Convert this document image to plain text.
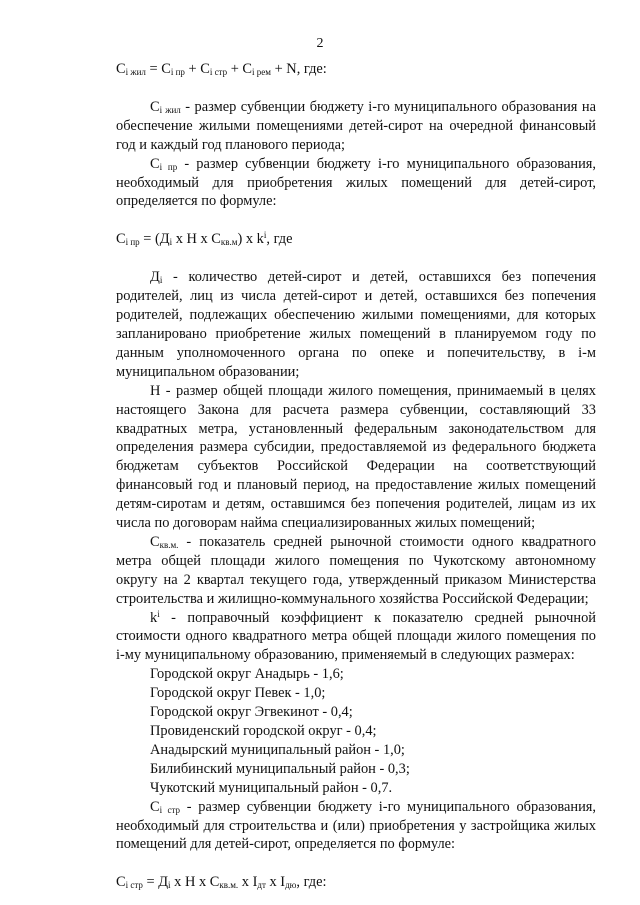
2

$С_{i жил} = С_{i пр} + С_{i стр} + С_{i рем} + N$, где:

$С_{i жил}$ - размер субвенции бюджету i-го муниципального образования на обеспечение жилыми помещениями детей-сирот на очередной финансовый год и каждый год планового периода;

$С_{i пр}$ - размер субвенции бюджету i-го муниципального образования, необходимый для приобретения жилых помещений для детей-сирот, определяется по формуле:

$С_{i пр} = (Д_i$ х Н х $С_{кв.м}$) х $k^i$, где

$Д_i$ - количество детей-сирот и детей, оставшихся без попечения родителей, лиц из числа детей-сирот и детей, оставшихся без попечения родителей, подлежащих обеспечению жилыми помещениями, для которых запланировано приобретение жилых помещений в планируемом году по данным уполномоченного органа по опеке и попечительству, в i-м муниципальном образовании;

Н - размер общей площади жилого помещения, принимаемый в целях настоящего Закона для расчета размера субвенции, составляющий 33 квадратных метра, установленный федеральным законодательством для определения размера субсидии, предоставляемой из федерального бюджета бюджетам субъектов Российской Федерации на соответствующий финансовый год и плановый период, на предоставление жилых помещений детям-сиротам и детям, оставшимся без попечения родителей, лицам из их числа по договорам найма специализированных жилых помещений;

$С_{кв.м.}$ - показатель средней рыночной стоимости одного квадратного метра общей площади жилого помещения по Чукотскому автономному округу на 2 квартал текущего года, утвержденный приказом Министерства строительства и жилищно-коммунального хозяйства Российской Федерации;

$k^i$ - поправочный коэффициент к показателю средней рыночной стоимости одного квадратного метра общей площади жилого помещения по i-му муниципальному образованию, применяемый в следующих размерах:

Городской округ Анадырь - 1,6;

Городской округ Певек - 1,0;

Городской округ Эгвекинот - 0,4;

Провиденский городской округ - 0,4;

Анадырский муниципальный район - 1,0;

Билибинский муниципальный район - 0,3;

Чукотский муниципальный район - 0,7.

$С_{i стр}$ - размер субвенции бюджету i-го муниципального образования, необходимый для строительства и (или) приобретения у застройщика жилых помещений для детей-сирот, определяется по формуле:

$С_{i стр} = Д_i$ х Н х $С_{кв.м.}$ х $I_{дт}$ х $I_{дю}$, где:
